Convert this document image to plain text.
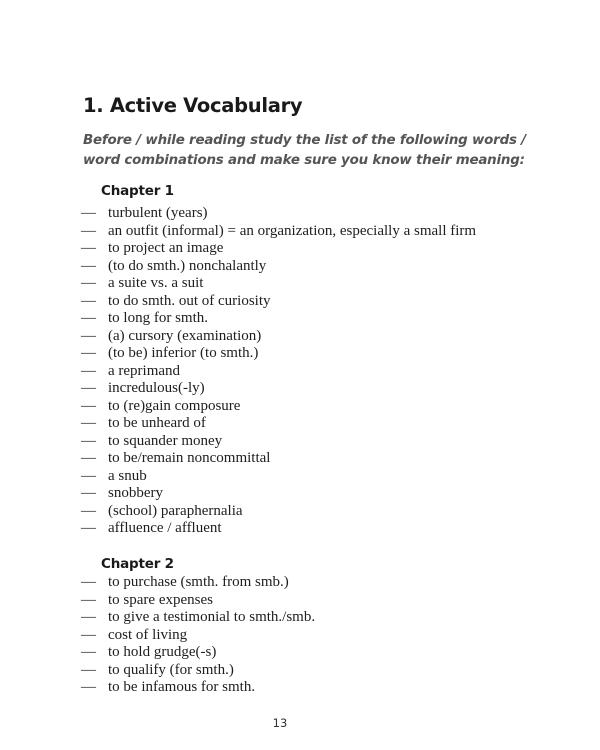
1. Active Vocabulary

Before / while reading study the list of the following words / word combinations and make sure you know their meaning:

Chapter 1
— turbulent (years)
— an outfit (informal) = an organization, especially a small firm
— to project an image
— (to do smth.) nonchalantly
— a suite vs. a suit
— to do smth. out of curiosity
— to long for smth.
— (a) cursory (examination)
— (to be) inferior (to smth.)
— a reprimand
— incredulous(-ly)
— to (re)gain composure
— to be unheard of
— to squander money
— to be/remain noncommittal
— a snub
— snobbery
— (school) paraphernalia
— affluence / affluent
Chapter 2
— to purchase (smth. from smb.)
— to spare expenses
— to give a testimonial to smth./smb.
— cost of living
— to hold grudge(-s)
— to qualify (for smth.)
— to be infamous for smth.
13
